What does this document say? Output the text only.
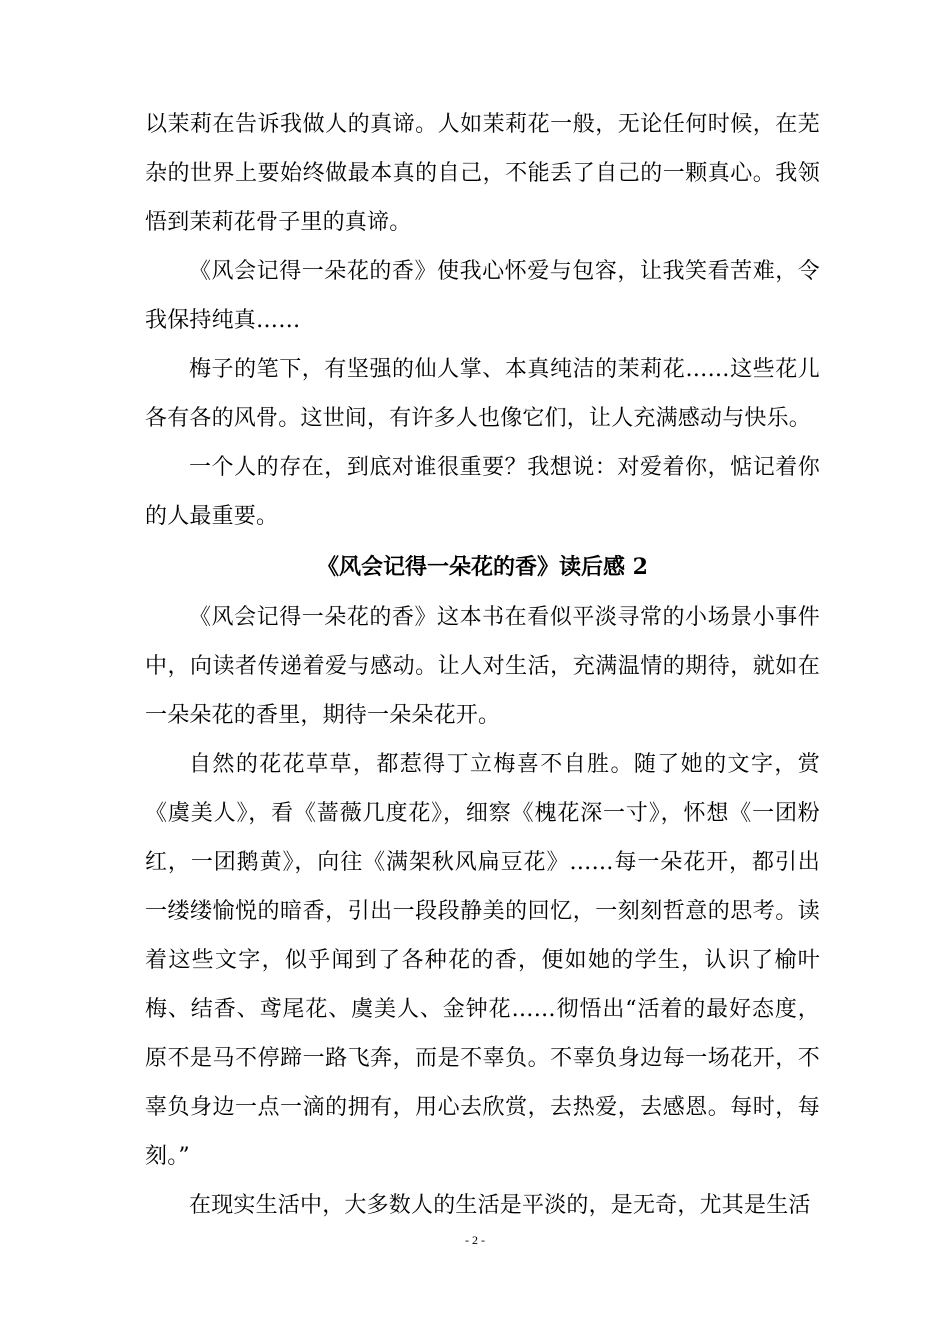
以茉莉在告诉我做人的真谛。人如茉莉花一般，无论任何时候，在芜杂的世界上要始终做最本真的自己，不能丢了自己的一颗真心。我领悟到茉莉花骨子里的真谛。

《风会记得一朵花的香》使我心怀爱与包容，让我笑看苦难，令我保持纯真……

梅子的笔下，有坚强的仙人掌、本真纯洁的茉莉花……这些花儿各有各的风骨。这世间，有许多人也像它们，让人充满感动与快乐。

一个人的存在，到底对谁很重要？我想说：对爱着你，惦记着你的人最重要。

《风会记得一朵花的香》读后感 2

《风会记得一朵花的香》这本书在看似平淡寻常的小场景小事件中，向读者传递着爱与感动。让人对生活，充满温情的期待，就如在一朵朵花的香里，期待一朵朵花开。

自然的花花草草，都惹得丁立梅喜不自胜。随了她的文字，赏《虞美人》，看《蔷薇几度花》，细察《槐花深一寸》，怀想《一团粉红，一团鹅黄》，向往《满架秋风扁豆花》……每一朵花开，都引出一缕缕愉悦的暗香，引出一段段静美的回忆，一刻刻哲意的思考。读着这些文字，似乎闻到了各种花的香，便如她的学生，认识了榆叶梅、结香、鸢尾花、虞美人、金钟花……彻悟出“活着的最好态度，原不是马不停蹄一路飞奔，而是不辜负。不辜负身边每一场花开，不辜负身边一点一滴的拥有，用心去欣赏，去热爱，去感恩。每时，每刻。”

在现实生活中，大多数人的生活是平淡的，是无奇，尤其是生活

- 2 -
